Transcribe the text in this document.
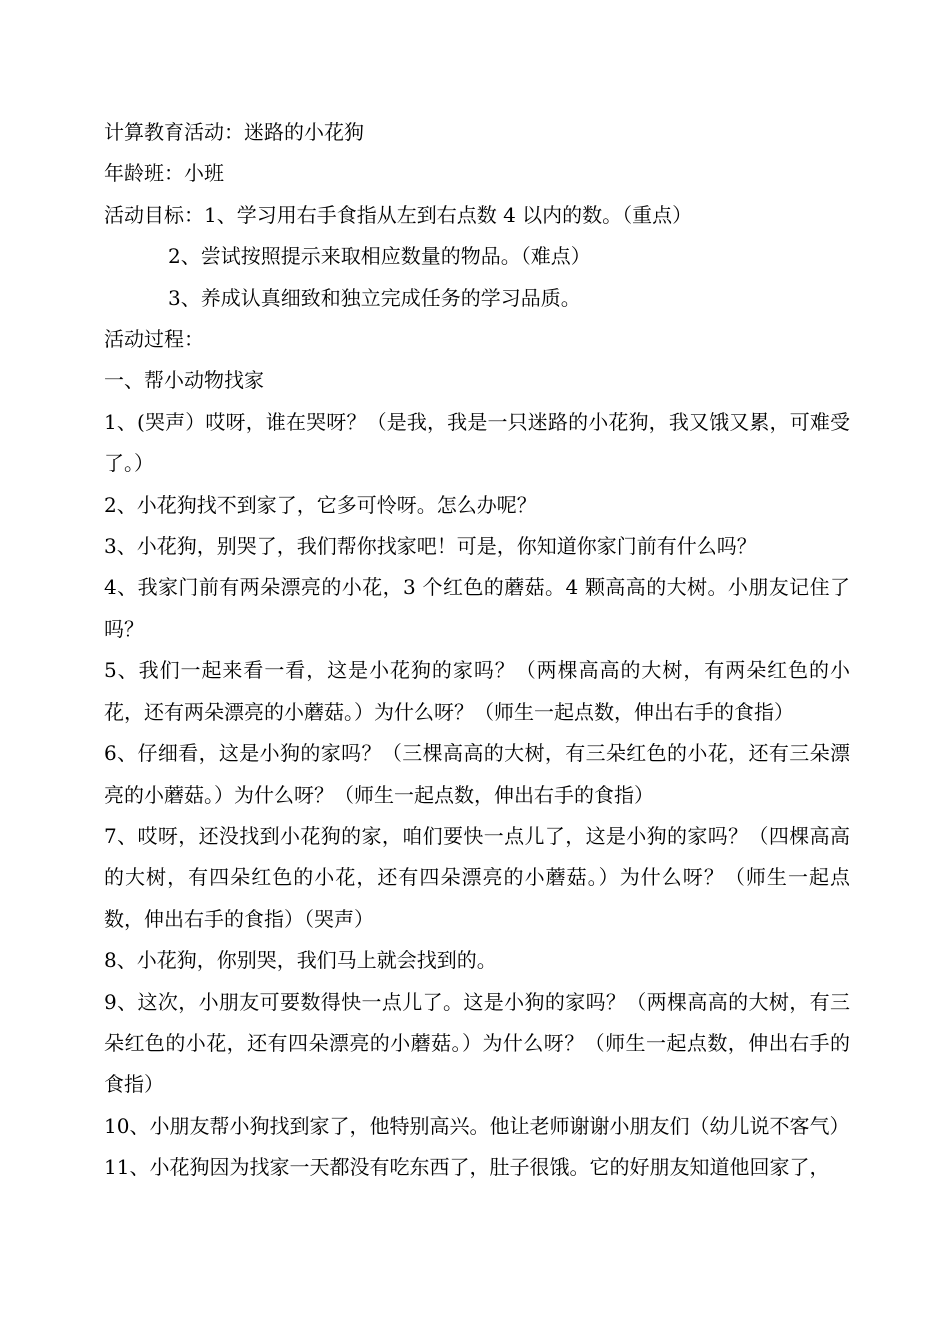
计算教育活动：迷路的小花狗

年龄班：小班

活动目标：1、学习用右手食指从左到右点数 4 以内的数。（重点）

2、尝试按照提示来取相应数量的物品。（难点）

3、养成认真细致和独立完成任务的学习品质。

活动过程：

一、帮小动物找家

1、(哭声）哎呀，谁在哭呀？（是我，我是一只迷路的小花狗，我又饿又累，可难受了。）

2、小花狗找不到家了，它多可怜呀。怎么办呢？

3、小花狗，别哭了，我们帮你找家吧！可是，你知道你家门前有什么吗？

4、我家门前有两朵漂亮的小花，3 个红色的蘑菇。4 颗高高的大树。小朋友记住了吗？

5、我们一起来看一看，这是小花狗的家吗？（两棵高高的大树，有两朵红色的小花，还有两朵漂亮的小蘑菇。）为什么呀？（师生一起点数，伸出右手的食指）

6、仔细看，这是小狗的家吗？（三棵高高的大树，有三朵红色的小花，还有三朵漂亮的小蘑菇。）为什么呀？（师生一起点数，伸出右手的食指）

7、哎呀，还没找到小花狗的家，咱们要快一点儿了，这是小狗的家吗？（四棵高高的大树，有四朵红色的小花，还有四朵漂亮的小蘑菇。）为什么呀？（师生一起点数，伸出右手的食指）（哭声）

8、小花狗，你别哭，我们马上就会找到的。

9、这次，小朋友可要数得快一点儿了。这是小狗的家吗？（两棵高高的大树，有三朵红色的小花，还有四朵漂亮的小蘑菇。）为什么呀？（师生一起点数，伸出右手的食指）

10、小朋友帮小狗找到家了，他特别高兴。他让老师谢谢小朋友们（幼儿说不客气）

11、小花狗因为找家一天都没有吃东西了，肚子很饿。它的好朋友知道他回家了，
